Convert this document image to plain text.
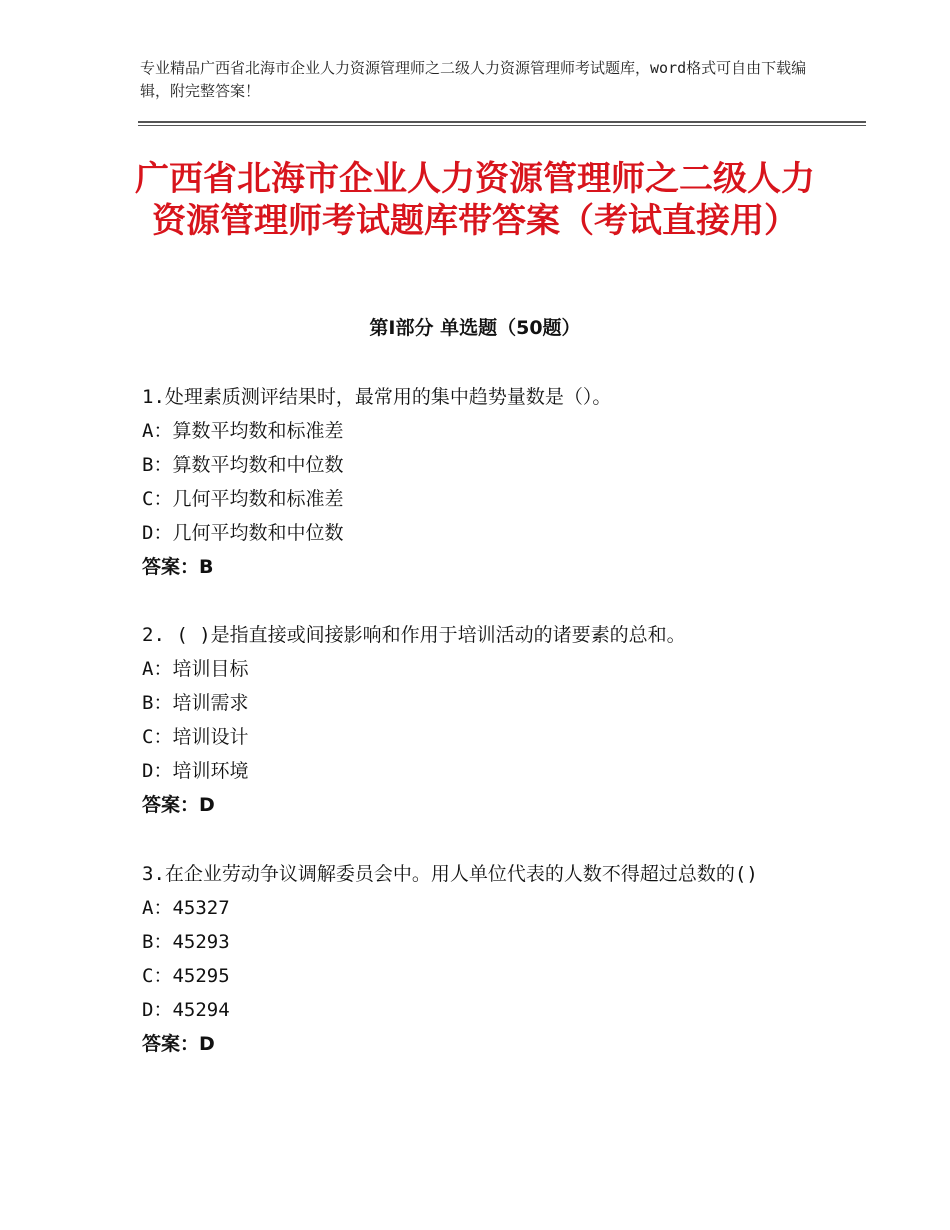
专业精品广西省北海市企业人力资源管理师之二级人力资源管理师考试题库，word格式可自由下载编辑，附完整答案！
广西省北海市企业人力资源管理师之二级人力资源管理师考试题库带答案（考试直接用）
第Ⅰ部分 单选题（50题）
1.处理素质测评结果时，最常用的集中趋势量数是（）。
A：算数平均数和标准差
B：算数平均数和中位数
C：几何平均数和标准差
D：几何平均数和中位数
答案：B
2. ( )是指直接或间接影响和作用于培训活动的诸要素的总和。
A：培训目标
B：培训需求
C：培训设计
D：培训环境
答案：D
3.在企业劳动争议调解委员会中。用人单位代表的人数不得超过总数的()
A：45327
B：45293
C：45295
D：45294
答案：D
